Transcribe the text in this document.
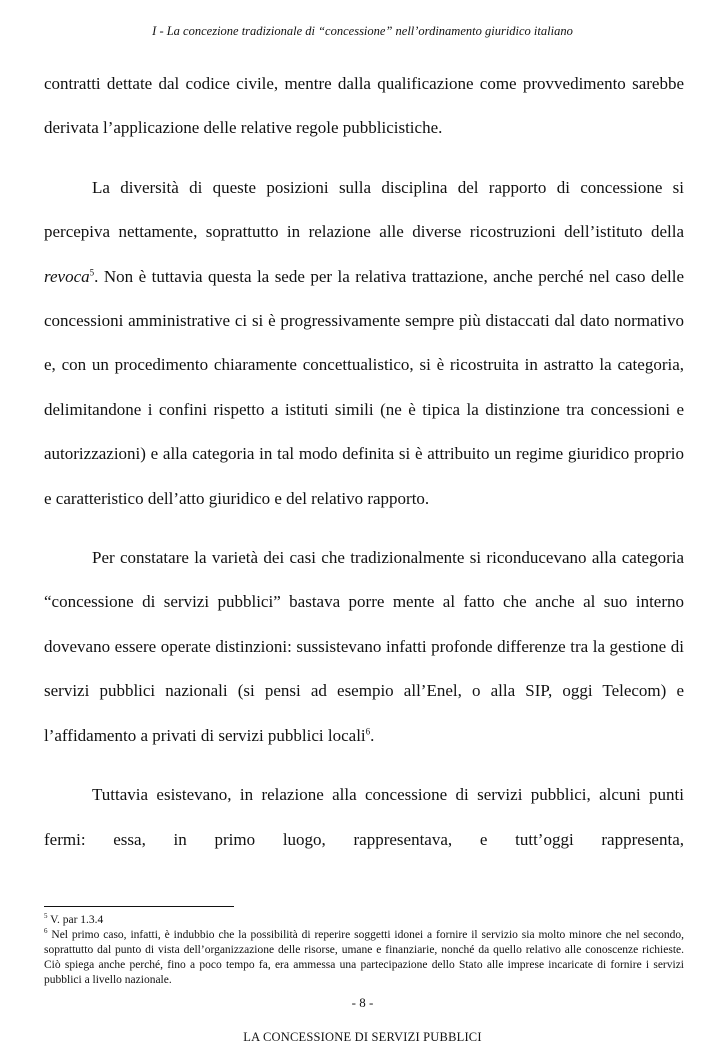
I - La concezione tradizionale di “concessione” nell’ordinamento giuridico italiano

contratti dettate dal codice civile, mentre dalla qualificazione come provvedimento sarebbe derivata l’applicazione delle relative regole pubblicistiche.

La diversità di queste posizioni sulla disciplina del rapporto di concessione si percepiva nettamente, soprattutto in relazione alle diverse ricostruzioni dell’istituto della revoca$^5$. Non è tuttavia questa la sede per la relativa trattazione, anche perché nel caso delle concessioni amministrative ci si è progressivamente sempre più distaccati dal dato normativo e, con un procedimento chiaramente concettualistico, si è ricostruita in astratto la categoria, delimitandone i confini rispetto a istituti simili (ne è tipica la distinzione tra concessioni e autorizzazioni) e alla categoria in tal modo definita si è attribuito un regime giuridico proprio e caratteristico dell’atto giuridico e del relativo rapporto.

Per constatare la varietà dei casi che tradizionalmente si riconducevano alla categoria “concessione di servizi pubblici” bastava porre mente al fatto che anche al suo interno dovevano essere operate distinzioni: sussistevano infatti profonde differenze tra la gestione di servizi pubblici nazionali (si pensi ad esempio all’Enel, o alla SIP, oggi Telecom) e l’affidamento a privati di servizi pubblici locali$^6$.

Tuttavia esistevano, in relazione alla concessione di servizi pubblici, alcuni punti fermi: essa, in primo luogo, rappresentava, e tutt’oggi rappresenta,

$^5$ V. par 1.3.4

$^6$ Nel primo caso, infatti, è indubbio che la possibilità di reperire soggetti idonei a fornire il servizio sia molto minore che nel secondo, soprattutto dal punto di vista dell’organizzazione delle risorse, umane e finanziarie, nonché da quello relativo alle conoscenze richieste. Ciò spiega anche perché, fino a poco tempo fa, era ammessa una partecipazione dello Stato alle imprese incaricate di fornire i servizi pubblici a livello nazionale.

- 8 -
LA CONCESSIONE DI SERVIZI PUBBLICI
